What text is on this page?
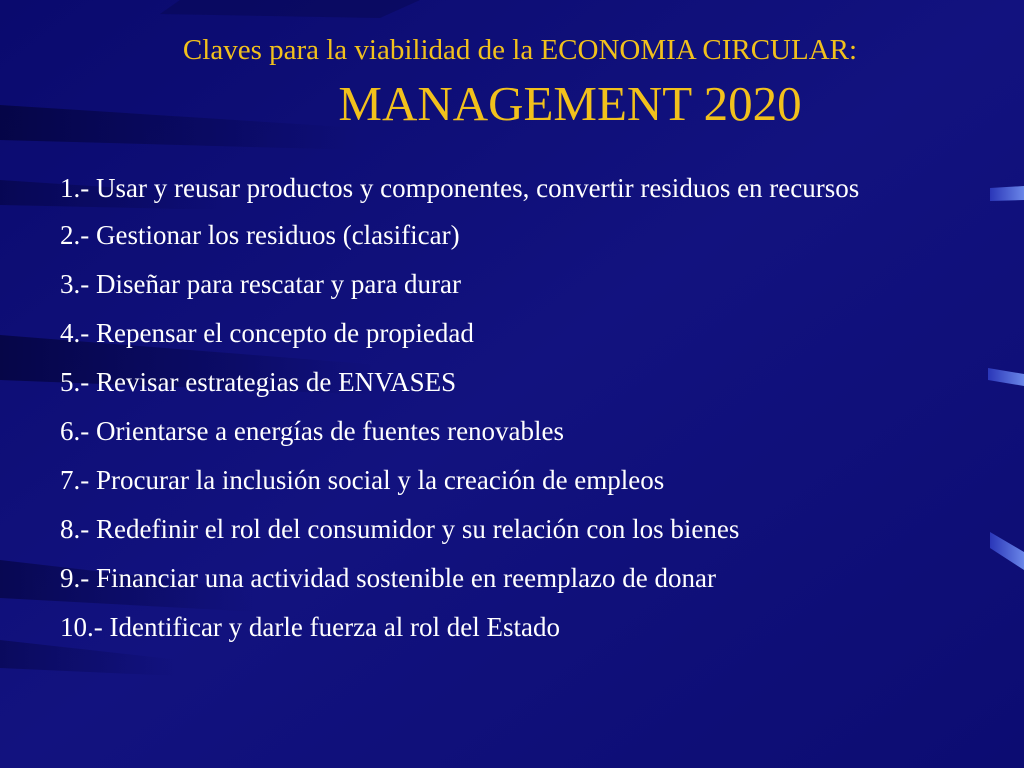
Claves para la viabilidad de la ECONOMIA CIRCULAR:
MANAGEMENT 2020
1.- Usar y reusar productos y componentes, convertir residuos en recursos
2.- Gestionar los residuos (clasificar)
3.- Diseñar para rescatar y para durar
4.- Repensar el concepto de propiedad
5.- Revisar estrategias de ENVASES
6.- Orientarse a energías de fuentes renovables
7.- Procurar la inclusión social y la creación de empleos
8.- Redefinir el rol del consumidor y su relación con los bienes
9.- Financiar una actividad sostenible en reemplazo de donar
10.- Identificar y darle fuerza al rol del Estado
